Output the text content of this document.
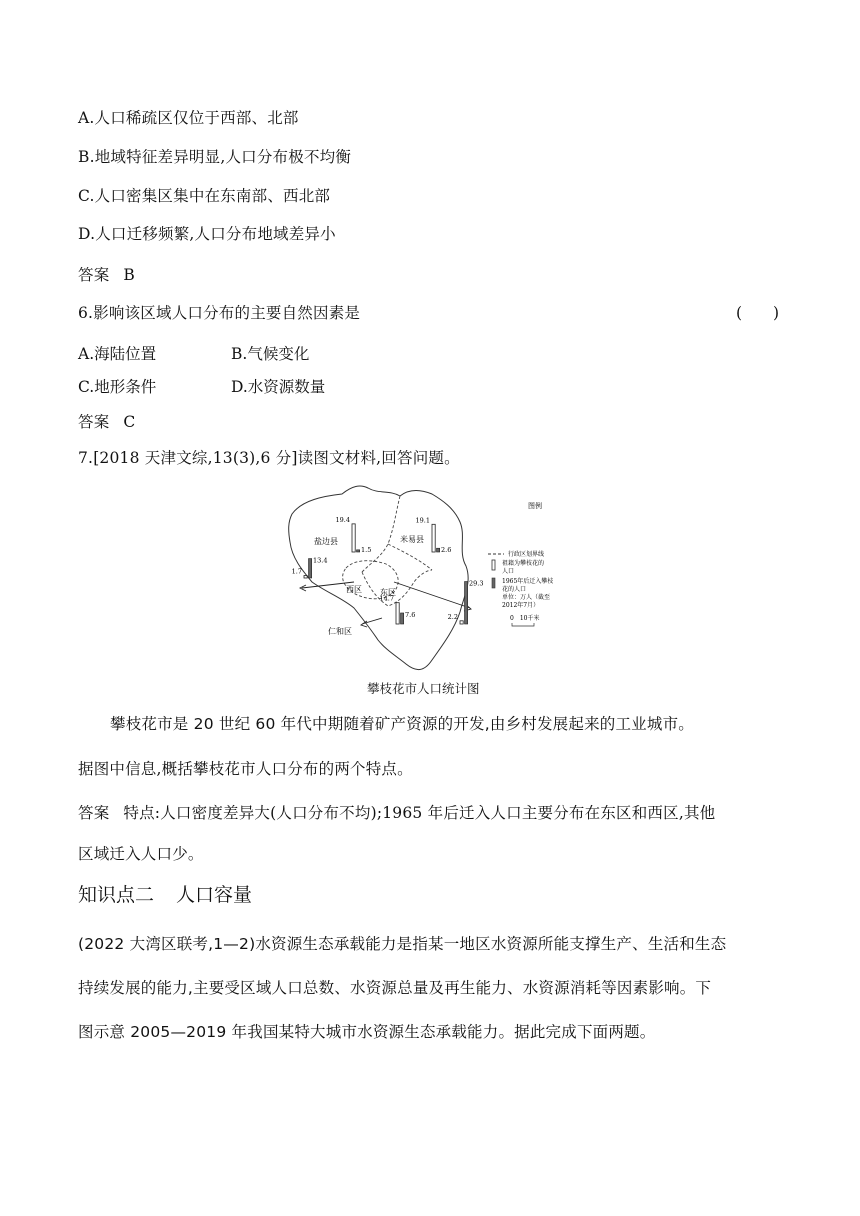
A.人口稀疏区仅位于西部、北部
B.地域特征差异明显,人口分布极不均衡
C.人口密集区集中在东南部、西北部
D.人口迁移频繁,人口分布地域差异小
答案 B
6.影响该区域人口分布的主要自然因素是	(　　)
A.海陆位置	B.气候变化
C.地形条件	D.水资源数量
答案 C
7.[2018 天津文综,13(3),6 分]读图文材料,回答问题。
19.4
1.5
19.1
2.6
1.7
13.4
14.7
7.6	2.2
29.3
盐边县	米易县
西区 东区
仁和区
图例
行政区划界线
祖籍为攀枝花的
人口
1965年后迁入攀枝
花的人口
单位：万人（截至
2012年7月）
0　10千米
攀枝花市人口统计图
攀枝花市是 20 世纪 60 年代中期随着矿产资源的开发,由乡村发展起来的工业城市。
据图中信息,概括攀枝花市人口分布的两个特点。
答案 特点:人口密度差异大(人口分布不均);1965 年后迁入人口主要分布在东区和西区,其他
区域迁入人口少。
知识点二 人口容量
(2022 大湾区联考,1—2)水资源生态承载能力是指某一地区水资源所能支撑生产、生活和生态
持续发展的能力,主要受区域人口总数、水资源总量及再生能力、水资源消耗等因素影响。下
图示意 2005—2019 年我国某特大城市水资源生态承载能力。据此完成下面两题。
